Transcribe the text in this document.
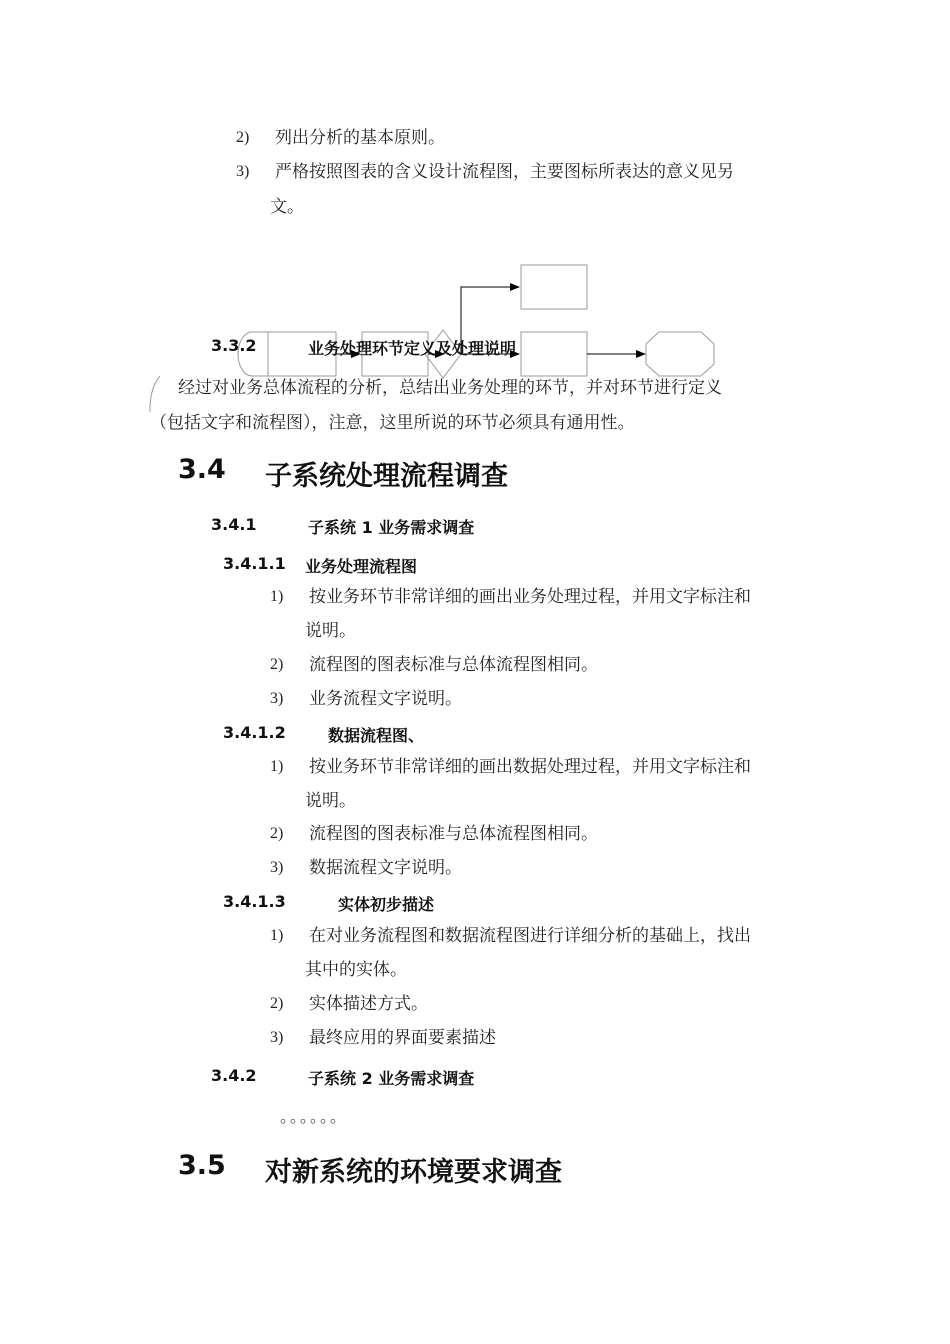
2) 列出分析的基本原则。
3) 严格按照图表的含义设计流程图，主要图标所表达的意义见另
文。
3.3.2	业务处理环节定义及处理说明
经过对业务总体流程的分析，总结出业务处理的环节，并对环节进行定义
（包括文字和流程图），注意，这里所说的环节必须具有通用性。
3.4 子系统处理流程调查
3.4.1	子系统 1 业务需求调查
3.4.1.1 业务处理流程图
1) 按业务环节非常详细的画出业务处理过程，并用文字标注和
说明。
2) 流程图的图表标准与总体流程图相同。
3) 业务流程文字说明。
3.4.1.2	数据流程图、
1) 按业务环节非常详细的画出数据处理过程，并用文字标注和
说明。
2) 流程图的图表标准与总体流程图相同。
3) 数据流程文字说明。
3.4.1.3	实体初步描述
1) 在对业务流程图和数据流程图进行详细分析的基础上，找出
其中的实体。
2) 实体描述方式。
3) 最终应用的界面要素描述
3.4.2	子系统 2 业务需求调查
。。。。。。
3.5 对新系统的环境要求调查
